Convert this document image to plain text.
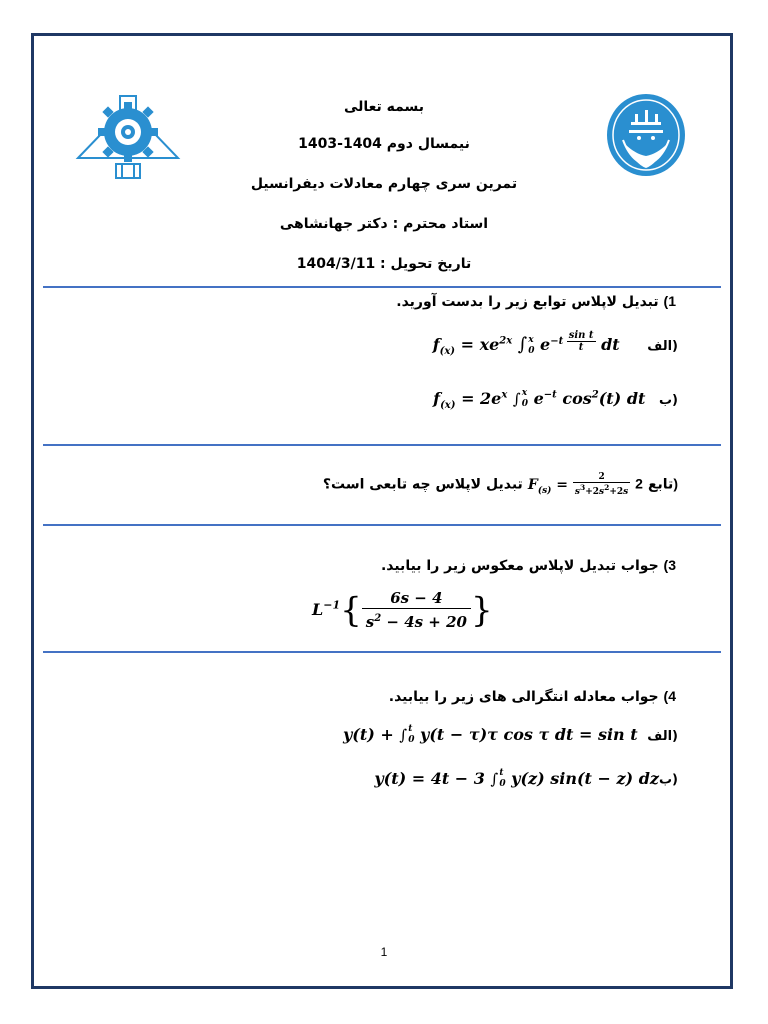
بسمه تعالی
نیمسال دوم 1404-1403
تمرین سری چهارم معادلات دیفرانسیل
استاد محترم : دکتر جهانشاهی
تاریخ تحویل : 1404/3/11
1) تبدیل لاپلاس توابع زیر را بدست آورید.
$f_{(x)} = xe^{2x}$ ∫ x
0 $e^{-t \frac{\text{sin t}}{t}}$ dt الف)
$f_{(x)} = 2e^x$ ∫ x
0 $e^{-t}$ $\cos^2(t)$ dt ب)
تبدیل لاپلاس چه تابعی است؟ $F_{(s)} = \frac{2}{s^3+2s^2+2s}$ تابع 2)
3) جواب تبدیل لاپلاس معکوس زیر را بیابید.
$L^{-1}\{ \frac{6s - 4}{s^2 - 4s + 20}$ }
4) جواب معادله انتگرالی های زیر را بیابید.
y(t) + ∫ t
0 y(t − τ)τ cos τ dt = sin t الف)
y(t) = 4t − 3 ∫ t
0 y(z) sin(t − z) dzب)
1
